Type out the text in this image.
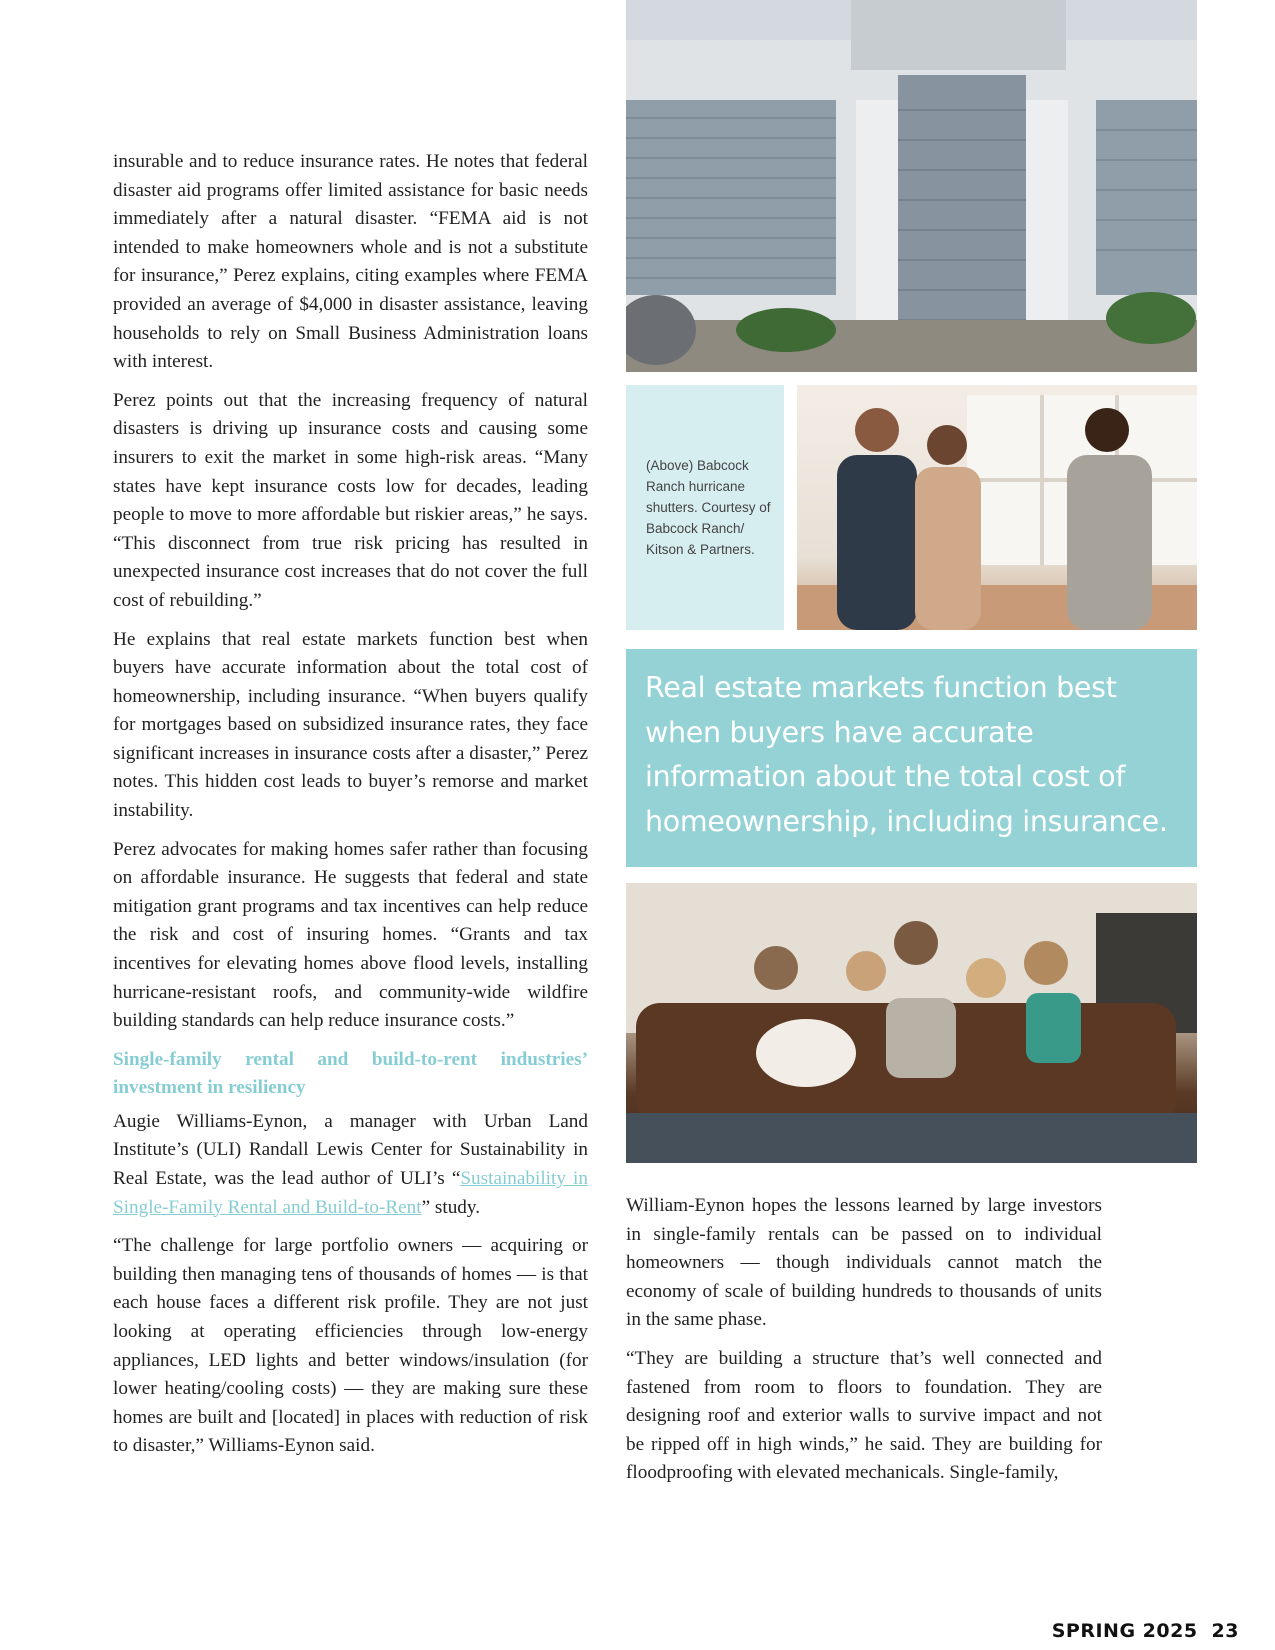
insurable and to reduce insurance rates. He notes that federal disaster aid programs offer limited assistance for basic needs immediately after a natural disaster. “FEMA aid is not intended to make homeowners whole and is not a substitute for insurance,” Perez explains, citing examples where FEMA provided an average of $4,000 in disaster assistance, leaving households to rely on Small Business Administration loans with interest.

Perez points out that the increasing frequency of natural disasters is driving up insurance costs and causing some insurers to exit the market in some high-risk areas. “Many states have kept insurance costs low for decades, leading people to move to more affordable but riskier areas,” he says. “This disconnect from true risk pricing has resulted in unexpected insurance cost increases that do not cover the full cost of rebuilding.”

He explains that real estate markets function best when buyers have accurate information about the total cost of homeownership, including insurance. “When buyers qualify for mortgages based on subsidized insurance rates, they face significant increases in insurance costs after a disaster,” Perez notes. This hidden cost leads to buyer’s remorse and market instability.

Perez advocates for making homes safer rather than focusing on affordable insurance. He suggests that federal and state mitigation grant programs and tax incentives can help reduce the risk and cost of insuring homes. “Grants and tax incentives for elevating homes above flood levels, installing hurricane-resistant roofs, and community-wide wildfire building standards can help reduce insurance costs.”

Single-family rental and build-to-rent industries’ investment in resiliency

Augie Williams-Eynon, a manager with Urban Land Institute’s (ULI) Randall Lewis Center for Sustainability in Real Estate, was the lead author of ULI’s “Sustainability in Single-Family Rental and Build-to-Rent” study.

“The challenge for large portfolio owners — acquiring or building then managing tens of thousands of homes — is that each house faces a different risk profile. They are not just looking at operating efficiencies through low-energy appliances, LED lights and better windows/insulation (for lower heating/cooling costs) — they are making sure these homes are built and [located] in places with reduction of risk to disaster,” Williams-Eynon said.

(Above) Babcock Ranch hurricane shutters. Courtesy of Babcock Ranch/ Kitson & Partners.
Real estate markets function best when buyers have accurate information about the total cost of homeownership, including insurance.

William-Eynon hopes the lessons learned by large investors in single-family rentals can be passed on to individual homeowners — though individuals cannot match the economy of scale of building hundreds to thousands of units in the same phase.

“They are building a structure that’s well connected and fastened from room to floors to foundation. They are designing roof and exterior walls to survive impact and not be ripped off in high winds,” he said. They are building for floodproofing with elevated mechanicals. Single-family,

SPRING 2025 23
